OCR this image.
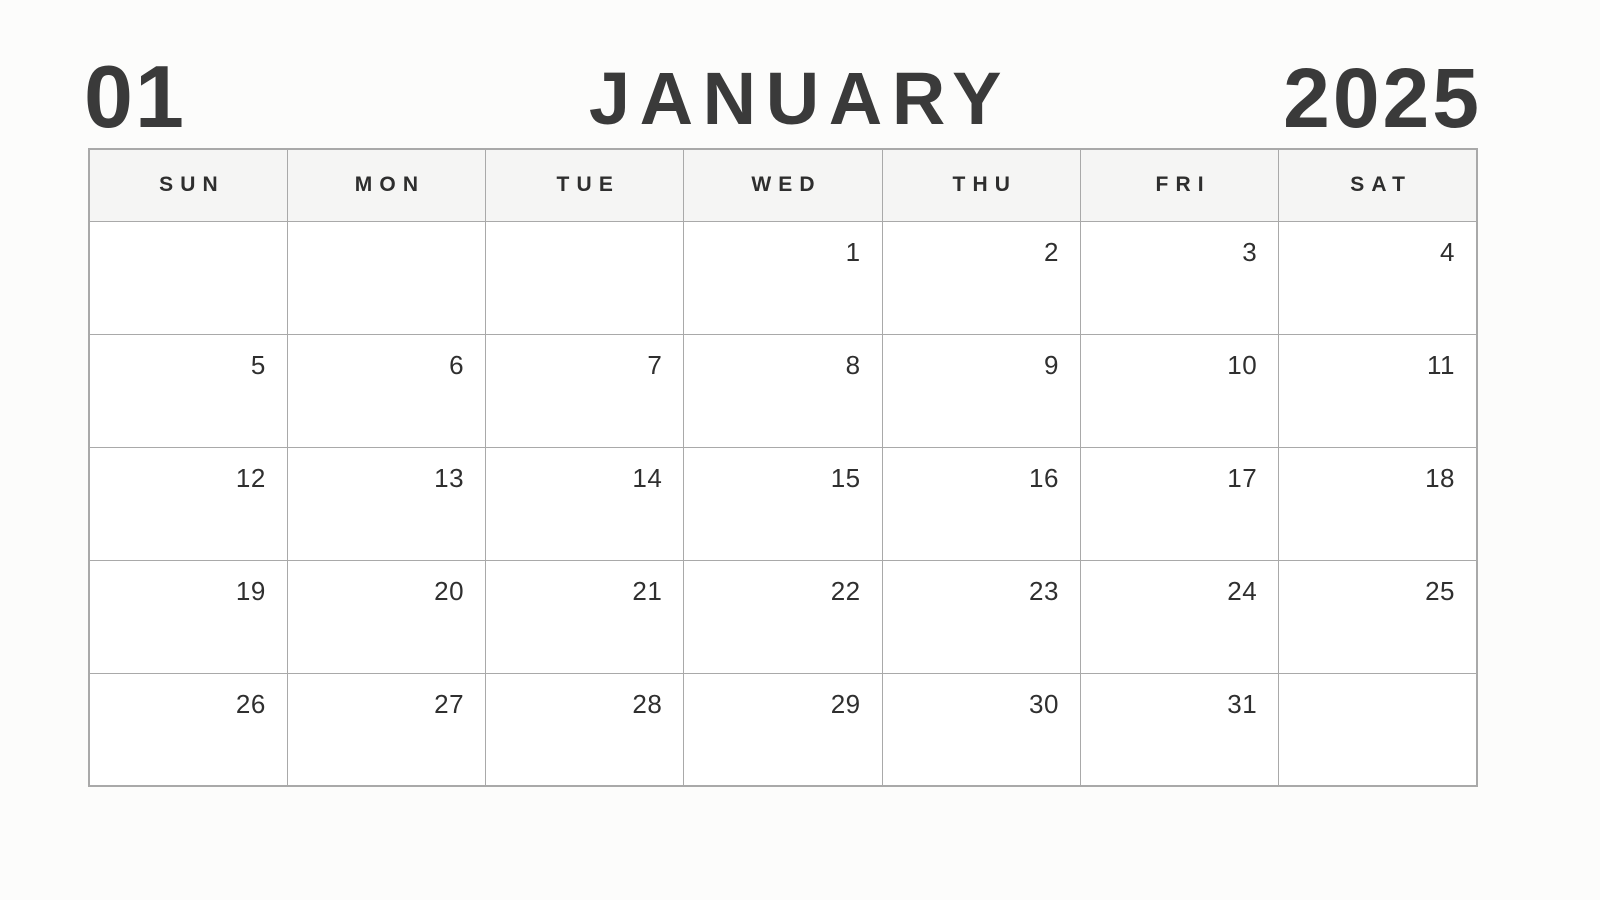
01	JANUARY	2025
SUN	MON	TUE	WED	THU	FRI	SAT
			1	2	3	4
5	6	7	8	9	10	11
12	13	14	15	16	17	18
19	20	21	22	23	24	25
26	27	28	29	30	31	
